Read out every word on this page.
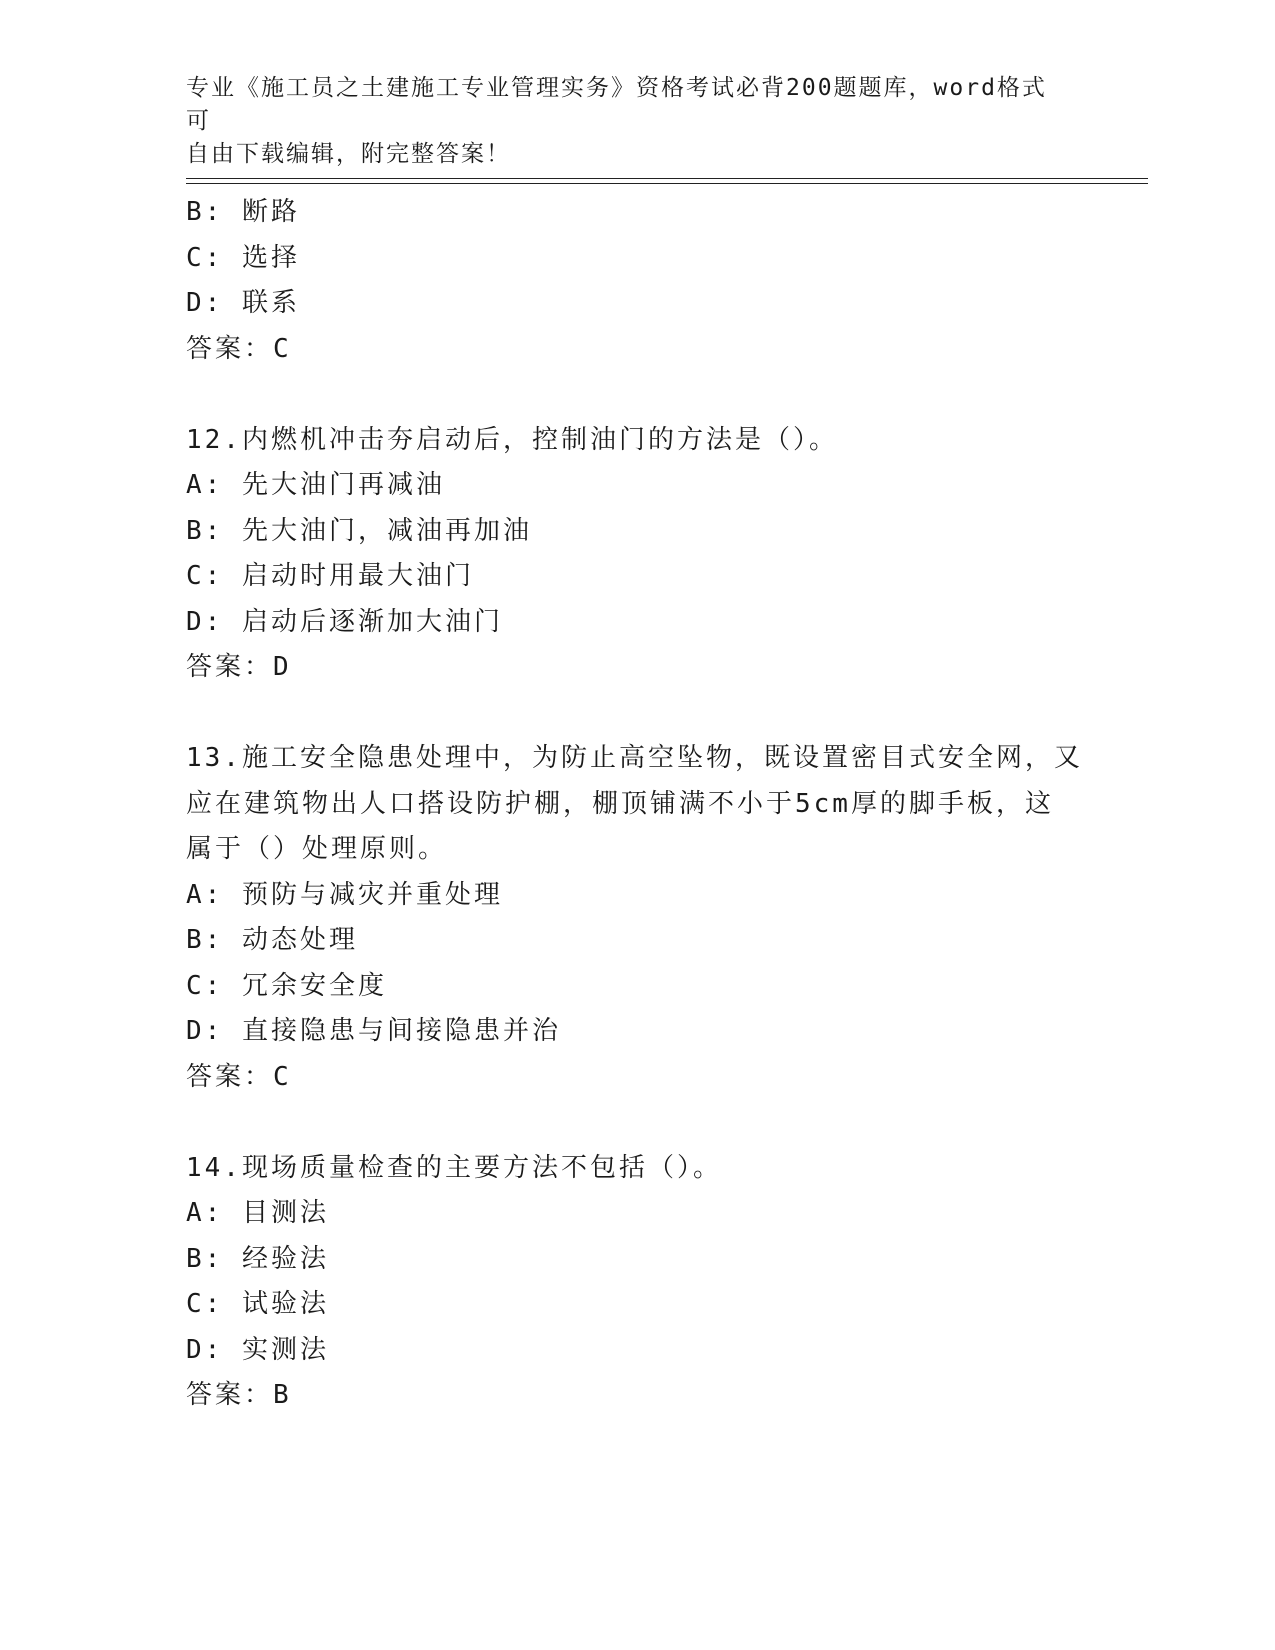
专业《施工员之土建施工专业管理实务》资格考试必背200题题库，word格式可
自由下载编辑，附完整答案！
B: 断路
C: 选择
D: 联系
答案：C
12.内燃机冲击夯启动后，控制油门的方法是（）。
A: 先大油门再减油
B: 先大油门，减油再加油
C: 启动时用最大油门
D: 启动后逐渐加大油门
答案：D
13.施工安全隐患处理中，为防止高空坠物，既设置密目式安全网，又
应在建筑物出人口搭设防护棚，棚顶铺满不小于5cm厚的脚手板，这
属于（）处理原则。
A: 预防与减灾并重处理
B: 动态处理
C: 冗余安全度
D: 直接隐患与间接隐患并治
答案：C
14.现场质量检查的主要方法不包括（）。
A: 目测法
B: 经验法
C: 试验法
D: 实测法
答案：B
